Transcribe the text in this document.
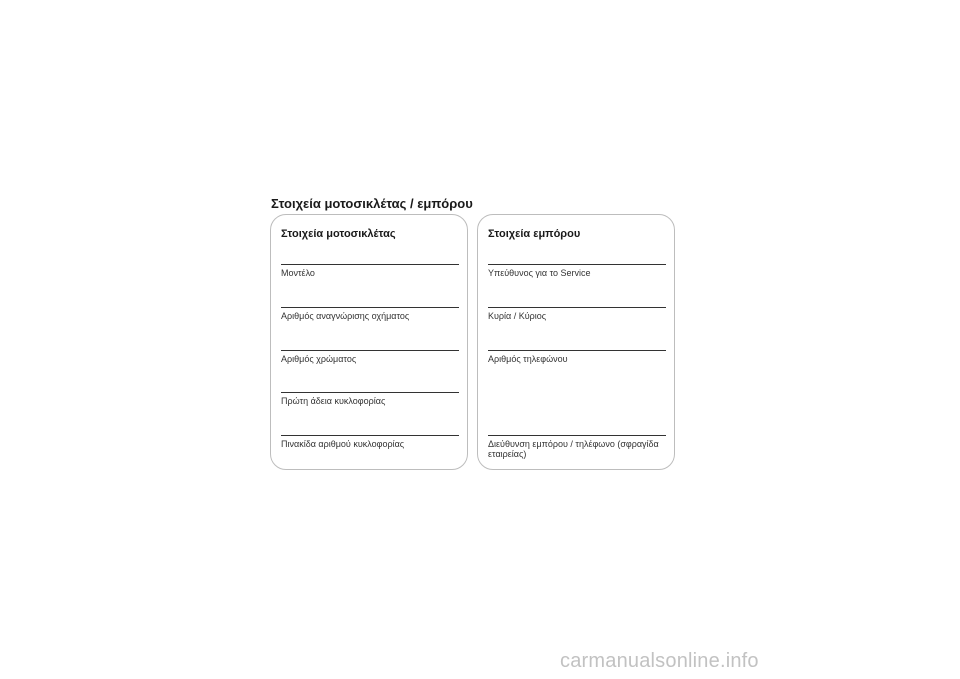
Στοιχεία μοτοσικλέτας / εμπόρου
Στοιχεία μοτοσικλέτας
Μοντέλο
Αριθμός αναγνώρισης οχήματος
Αριθμός χρώματος
Πρώτη άδεια κυκλοφορίας
Πινακίδα αριθμού κυκλοφορίας
Στοιχεία εμπόρου
Υπεύθυνος για το Service
Κυρία / Κύριος
Αριθμός τηλεφώνου
Διεύθυνση εμπόρου / τηλέφωνο (σφραγίδα εταιρείας)
carmanualsonline.info
